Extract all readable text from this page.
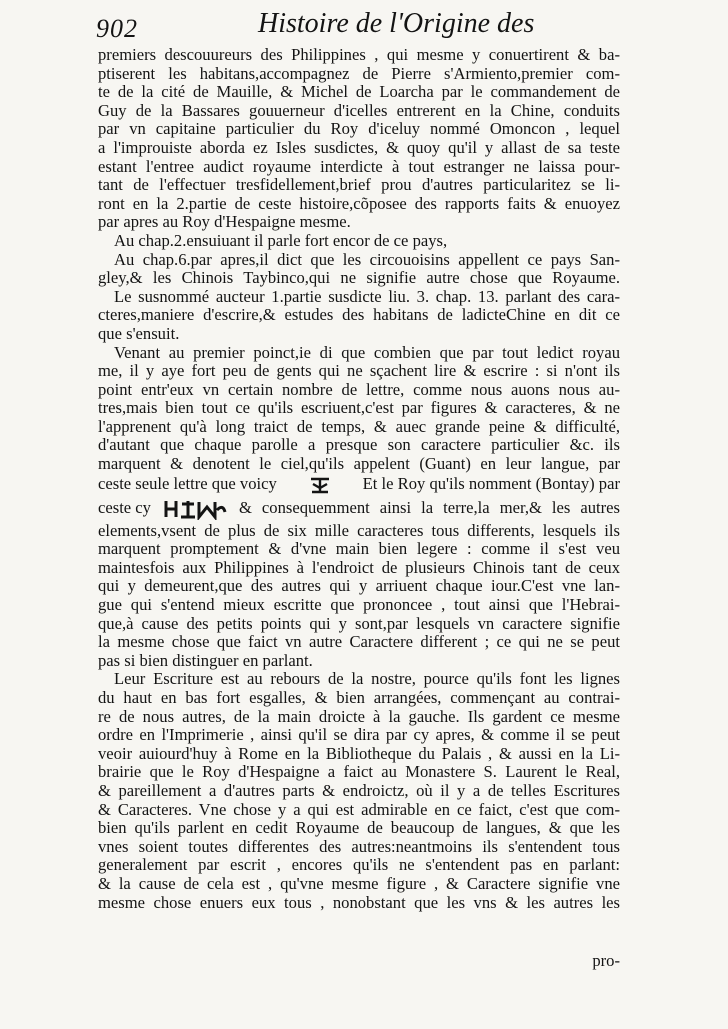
902	Histoire de l'Origine des
premiers descouureurs des Philippines , qui mesme y conuertirent & ba-
ptiserent les habitans,accompagnez de Pierre s'Armiento,premier com-
te de la cité de Mauille, & Michel de Loarcha par le commandement de
Guy de la Bassares gouuerneur d'icelles entrerent en la Chine, conduits
par vn capitaine particulier du Roy d'iceluy nommé Omoncon , lequel
a l'improuiste aborda ez Isles susdictes, & quoy qu'il y allast de sa teste
estant l'entree audict royaume interdicte à tout estranger ne laissa pour-
tant de l'effectuer tresfidellement,brief prou d'autres particularitez se li-
ront en la 2.partie de ceste histoire,cõposee des rapports faits & enuoyez
par apres au Roy d'Hespaigne mesme.
Au chap.2.ensuiuant il parle fort encor de ce pays,
Au chap.6.par apres,il dict que les circouoisins appellent ce pays San-
gley,& les Chinois Taybinco,qui ne signifie autre chose que Royaume.
Le susnommé aucteur 1.partie susdicte liu. 3. chap. 13. parlant des cara-
cteres,maniere d'escrire,& estudes des habitans de ladicteChine en dit ce
que s'ensuit.
„ Venant au premier poinct,ie di que combien que par tout ledict royau
„ me, il y aye fort peu de gents qui ne sçachent lire & escrire : si n'ont ils
„ point entr'eux vn certain nombre de lettre, comme nous auons nous au-
„ tres,mais bien tout ce qu'ils escriuent,c'est par figures & caracteres, & ne
„ l'apprenent qu'à long traict de temps, & auec grande peine & difficulté,
„ d'autant que chaque parolle a presque son caractere particulier &c. ils
„ marquent & denotent le ciel,qu'ils appelent (Guant) en leur langue, par
„ ceste seule lettre que voicy	Et le Roy qu'ils nomment (Bontay) par
„ ceste cy	& consequemment ainsi la terre,la mer,& les autres
„ elements,vsent de plus de six mille caracteres tous differents, lesquels ils
„ marquent promptement & d'vne main bien legere : comme il s'est veu
„ maintesfois aux Philippines à l'endroict de plusieurs Chinois tant de ceux
„ qui y demeurent,que des autres qui y arriuent chaque iour.C'est vne lan-
„ gue qui s'entend mieux escritte que prononcee , tout ainsi que l'Hebrai-
„ que,à cause des petits points qui y sont,par lesquels vn caractere signifie
„ la mesme chose que faict vn autre Caractere different ; ce qui ne se peut
„ pas si bien distinguer en parlant.
„ Leur Escriture est au rebours de la nostre, pource qu'ils font les lignes
„ du haut en bas fort esgalles, & bien arrangées, commençant au contrai-
„ re de nous autres, de la main droicte à la gauche. Ils gardent ce mesme
„ ordre en l'Imprimerie , ainsi qu'il se dira par cy apres, & comme il se peut
„ veoir auiourd'huy à Rome en la Bibliotheque du Palais , & aussi en la Li-
„ brairie que le Roy d'Hespaigne a faict au Monastere S. Laurent le Real,
„ & pareillement a d'autres parts & endroictz, où il y a de telles Escritures
„ & Caracteres. Vne chose y a qui est admirable en ce faict, c'est que com-
„ bien qu'ils parlent en cedit Royaume de beaucoup de langues, & que les
„ vnes soient toutes differentes des autres:neantmoins ils s'entendent tous
„ generalement par escrit , encores qu'ils ne s'entendent pas en parlant:
„ & la cause de cela est , qu'vne mesme figure , & Caractere signifie vne
mesme chose enuers eux tous , nonobstant que les vns & les autres les
pro-
